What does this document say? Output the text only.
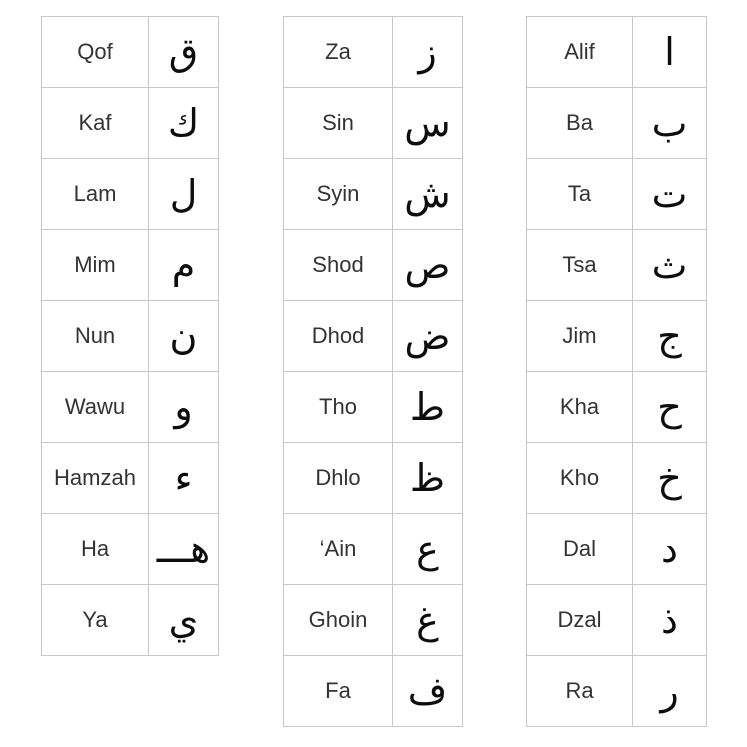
Qof	ق
Kaf	ك
Lam	ل
Mim	م
Nun	ن
Wawu	و
Hamzah	ء
Ha	هـــ
Ya	ي
Za	ز
Sin	س
Syin	ش
Shod	ص
Dhod	ض
Tho	ط
Dhlo	ظ
‘Ain	ع
Ghoin	غ
Fa	ف
Alif	ا
Ba	ب
Ta	ت
Tsa	ث
Jim	ج
Kha	ح
Kho	خ
Dal	د
Dzal	ذ
Ra	ر
